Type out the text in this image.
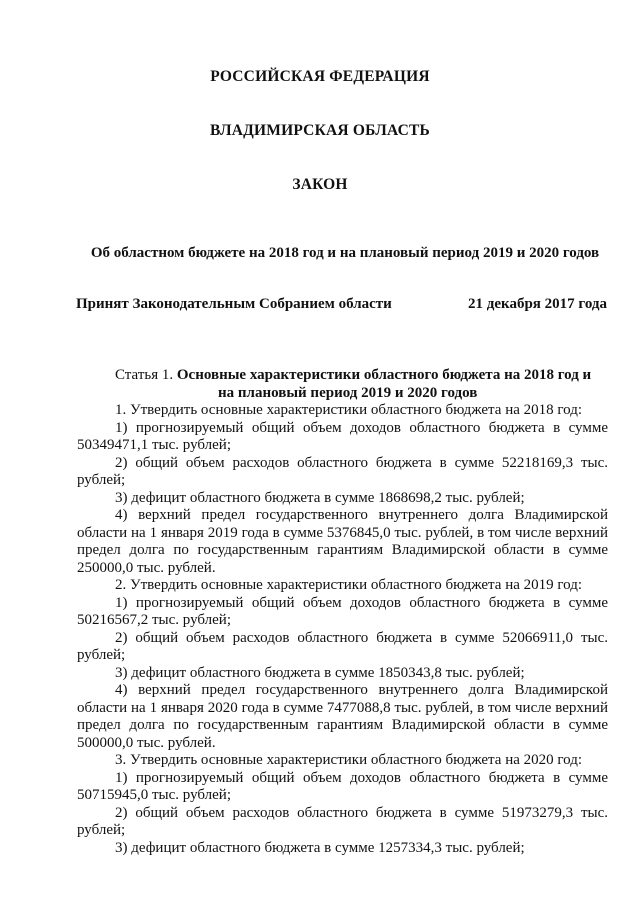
РОССИЙСКАЯ ФЕДЕРАЦИЯ
ВЛАДИМИРСКАЯ ОБЛАСТЬ
ЗАКОН
Об областном бюджете на 2018 год и на плановый период 2019 и 2020 годов
Принят Законодательным Собранием области	21 декабря 2017 года

Статья 1. Основные характеристики областного бюджета на 2018 год и
на плановый период 2019 и 2020 годов

1. Утвердить основные характеристики областного бюджета на 2018 год:

1) прогнозируемый общий объем доходов областного бюджета в сумме 50349471,1 тыс. рублей;

2) общий объем расходов областного бюджета в сумме 52218169,3 тыс. рублей;

3) дефицит областного бюджета в сумме 1868698,2 тыс. рублей;

4) верхний предел государственного внутреннего долга Владимирской области на 1 января 2019 года в сумме 5376845,0 тыс. рублей, в том числе верхний предел долга по государственным гарантиям Владимирской области в сумме 250000,0 тыс. рублей.

2. Утвердить основные характеристики областного бюджета на 2019 год:

1) прогнозируемый общий объем доходов областного бюджета в сумме 50216567,2 тыс. рублей;

2) общий объем расходов областного бюджета в сумме 52066911,0 тыс. рублей;

3) дефицит областного бюджета в сумме 1850343,8 тыс. рублей;

4) верхний предел государственного внутреннего долга Владимирской области на 1 января 2020 года в сумме 7477088,8 тыс. рублей, в том числе верхний предел долга по государственным гарантиям Владимирской области в сумме 500000,0 тыс. рублей.

3. Утвердить основные характеристики областного бюджета на 2020 год:

1) прогнозируемый общий объем доходов областного бюджета в сумме 50715945,0 тыс. рублей;

2) общий объем расходов областного бюджета в сумме 51973279,3 тыс. рублей;

3) дефицит областного бюджета в сумме 1257334,3 тыс. рублей;
